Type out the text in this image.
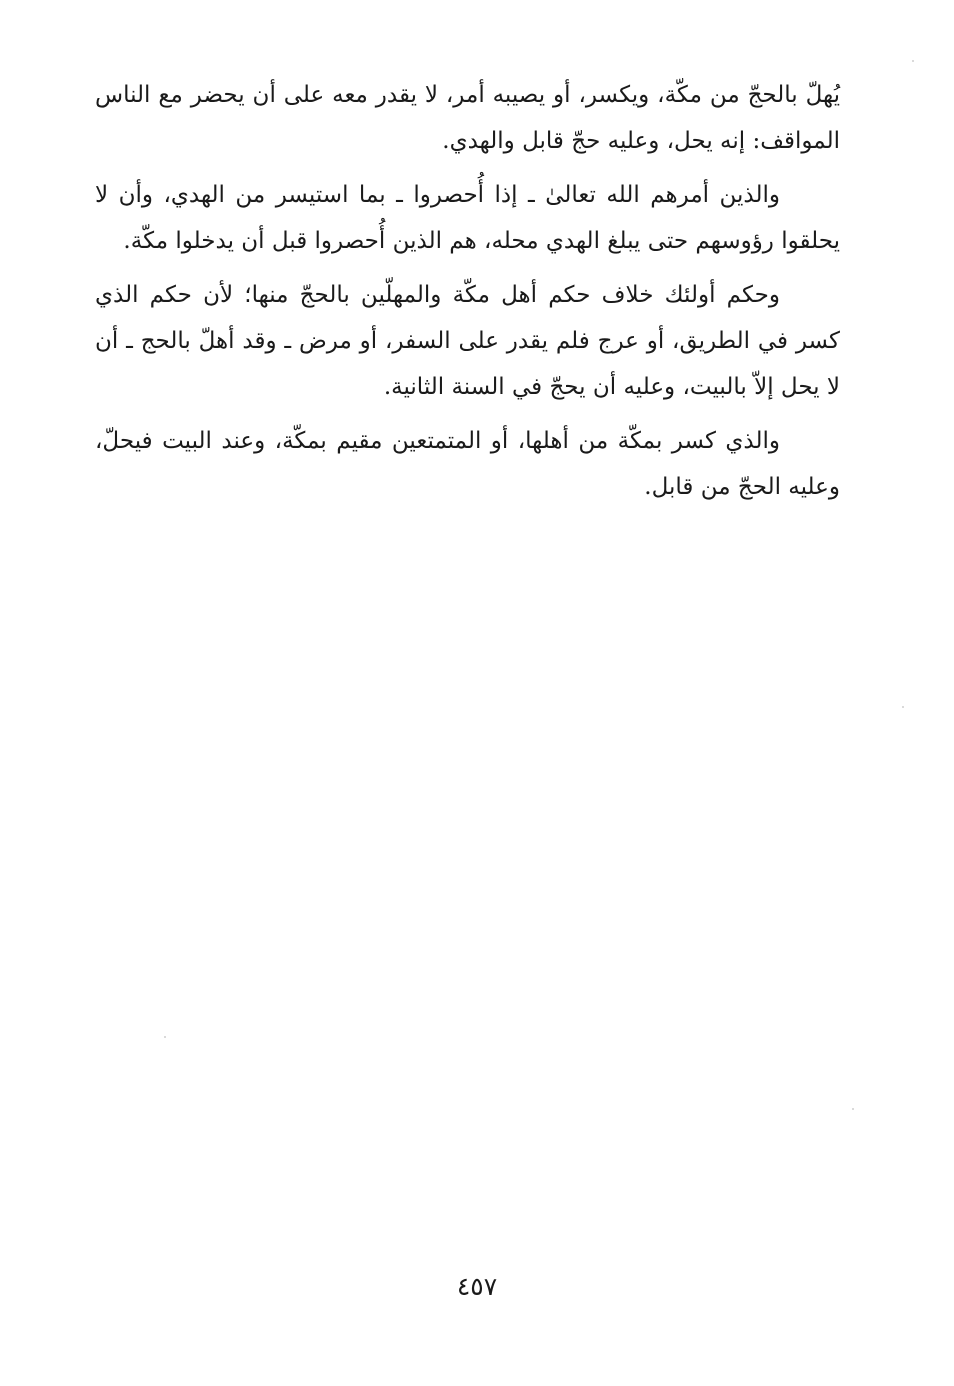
يُهلّ بالحجّ من مكّة، ويكسر، أو يصيبه أمر، لا يقدر معه على أن يحضر مع الناس المواقف: إنه يحل، وعليه حجّ قابل والهدي.

والذين أمرهم الله تعالىٰ ـ إذا أُحصروا ـ بما استيسر من الهدي، وأن لا يحلقوا رؤوسهم حتى يبلغ الهدي محله، هم الذين أُحصروا قبل أن يدخلوا مكّة.

وحكم أولئك خلاف حكم أهل مكّة والمهلّين بالحجّ منها؛ لأن حكم الذي كسر في الطريق، أو عرج فلم يقدر على السفر، أو مرض ـ وقد أهلّ بالحج ـ أن لا يحل إلاّ بالبيت، وعليه أن يحجّ في السنة الثانية.

والذي كسر بمكّة من أهلها، أو المتمتعين مقيم بمكّة، وعند البيت فيحلّ، وعليه الحجّ من قابل.

٤٥٧
